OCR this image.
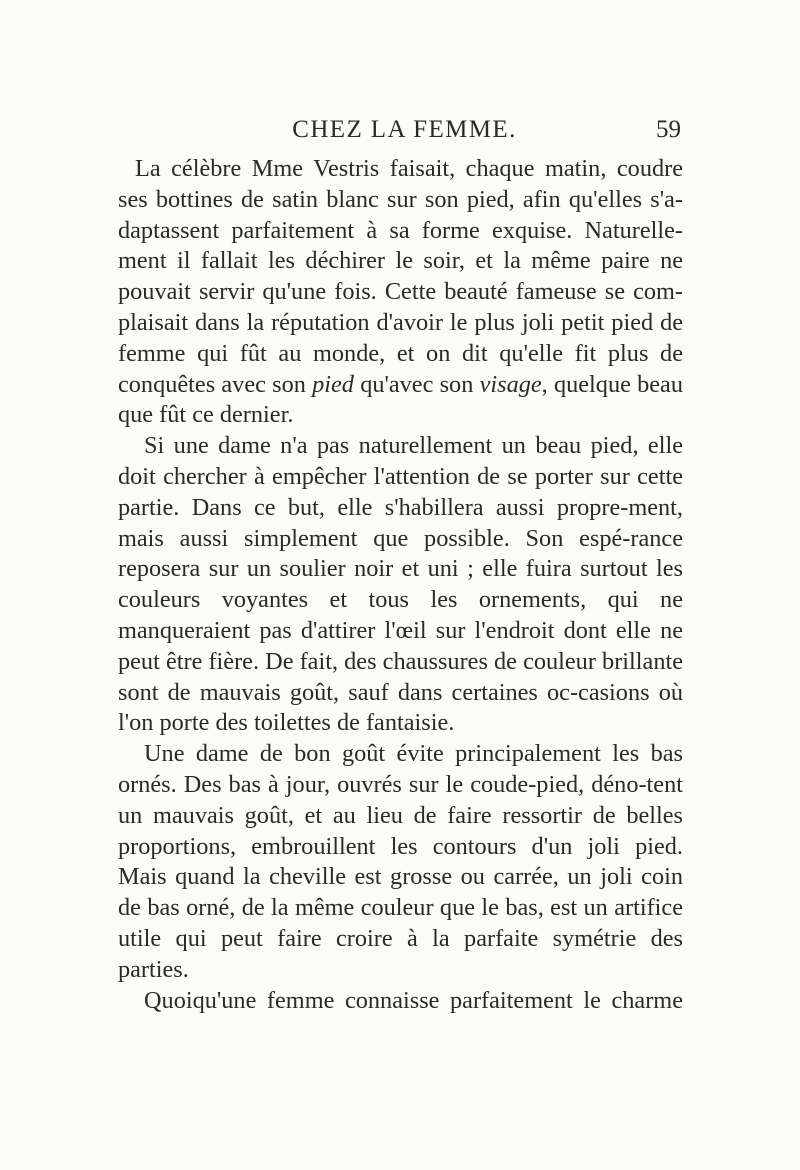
CHEZ LA FEMME.	59

La célèbre Mme Vestris faisait, chaque matin, coudre ses bottines de satin blanc sur son pied, afin qu'elles s'a-daptassent parfaitement à sa forme exquise. Naturelle-ment il fallait les déchirer le soir, et la même paire ne pouvait servir qu'une fois. Cette beauté fameuse se com-plaisait dans la réputation d'avoir le plus joli petit pied de femme qui fût au monde, et on dit qu'elle fit plus de conquêtes avec son pied qu'avec son visage, quelque beau que fût ce dernier.

Si une dame n'a pas naturellement un beau pied, elle doit chercher à empêcher l'attention de se porter sur cette partie. Dans ce but, elle s'habillera aussi propre-ment, mais aussi simplement que possible. Son espé-rance reposera sur un soulier noir et uni ; elle fuira surtout les couleurs voyantes et tous les ornements, qui ne manqueraient pas d'attirer l'œil sur l'endroit dont elle ne peut être fière. De fait, des chaussures de couleur brillante sont de mauvais goût, sauf dans certaines oc-casions où l'on porte des toilettes de fantaisie.

Une dame de bon goût évite principalement les bas ornés. Des bas à jour, ouvrés sur le coude-pied, déno-tent un mauvais goût, et au lieu de faire ressortir de belles proportions, embrouillent les contours d'un joli pied. Mais quand la cheville est grosse ou carrée, un joli coin de bas orné, de la même couleur que le bas, est un artifice utile qui peut faire croire à la parfaite symétrie des parties.

Quoiqu'une femme connaisse parfaitement le charme
